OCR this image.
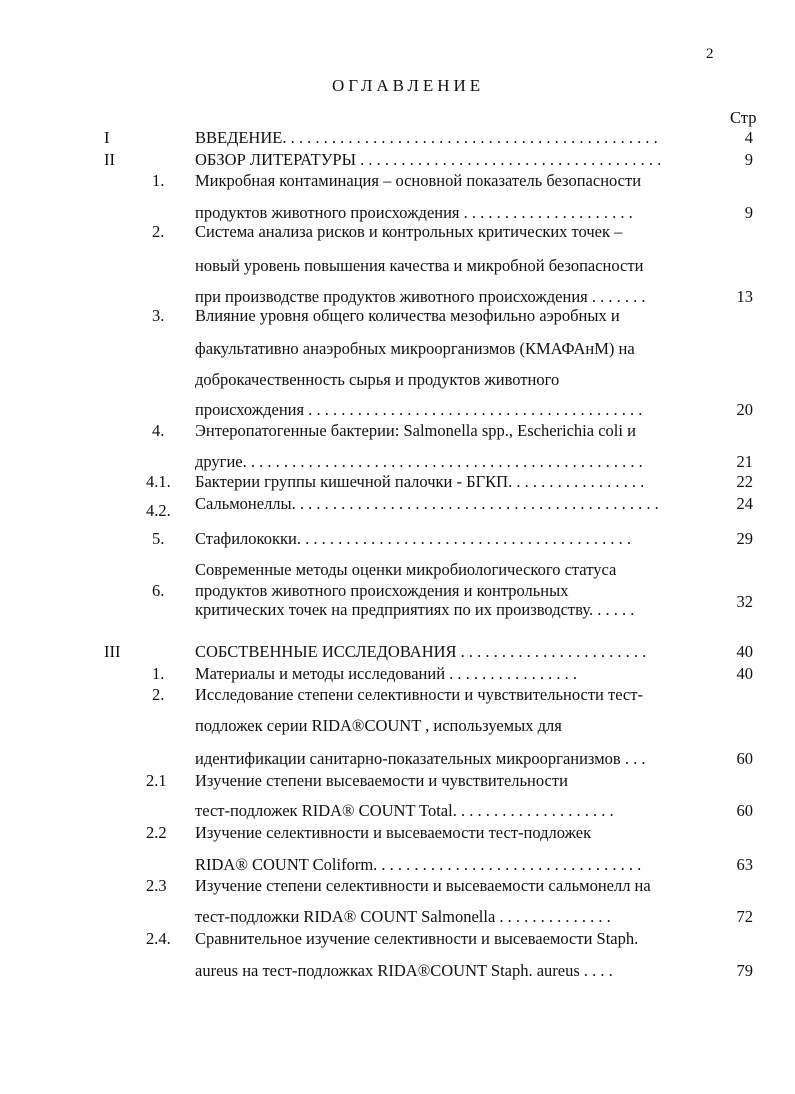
2
ОГЛАВЛЕНИЕ
Стр
I	ВВЕДЕНИЕ. . . . . . . . . . . . . . . . . . . . . . . . . . . . . . . . . . . . . . . . . . . . . .	4
II	ОБЗОР ЛИТЕРАТУРЫ . . . . . . . . . . . . . . . . . . . . . . . . . . . . . . . . . . . . .	9
1. Микробная контаминация – основной показатель безопасности
продуктов животного происхождения . . . . . . . . . . . . . . . . . . . . .	9
2. Система анализа рисков и контрольных критических точек –
новый уровень повышения качества и микробной безопасности
при производстве продуктов животного происхождения . . . . . . .	13
3. Влияние уровня общего количества мезофильно аэробных и
факультативно анаэробных микроорганизмов (КМАФАнМ) на
доброкачественность сырья и продуктов животного
происхождения . . . . . . . . . . . . . . . . . . . . . . . . . . . . . . . . . . . . . . . . .	20
4. Энтеропатогенные бактерии: Salmonella spp., Escherichia coli и
другие. . . . . . . . . . . . . . . . . . . . . . . . . . . . . . . . . . . . . . . . . . . . . . . . .	21
4.1. Бактерии группы кишечной палочки - БГКП. . . . . . . . . . . . . . . . .	22
4.2. Сальмонеллы. . . . . . . . . . . . . . . . . . . . . . . . . . . . . . . . . . . . . . . . . . . . .	24
5. Стафилококки. . . . . . . . . . . . . . . . . . . . . . . . . . . . . . . . . . . . . . . . .	29
6.
Современные методы оценки микробиологического статуса
продуктов животного происхождения и контрольных
критических точек на предприятиях по их производству. . . . . .	32
III	СОБСТВЕННЫЕ ИССЛЕДОВАНИЯ . . . . . . . . . . . . . . . . . . . . . . .	40
1. Материалы и методы исследований . . . . . . . . . . . . . . . .	40
2. Исследование степени селективности и чувствительности тест-
подложек серии RIDA®COUNT , используемых для
идентификации санитарно-показательных микроорганизмов . . .	60
2.1 Изучение степени высеваемости и чувствительности
тест-подложек RIDA® COUNT Total. . . . . . . . . . . . . . . . . . . .	60
2.2 Изучение селективности и высеваемости тест-подложек
RIDA® COUNT Coliform. . . . . . . . . . . . . . . . . . . . . . . . . . . . . . . . .	63
2.3 Изучение степени селективности и высеваемости сальмонелл на
тест-подложки RIDA® COUNT Salmonella . . . . . . . . . . . . . .	72
2.4. Сравнительное изучение селективности и высеваемости Staph.
aureus на тест-подложках RIDA®COUNT Staph. aureus . . . .	79
